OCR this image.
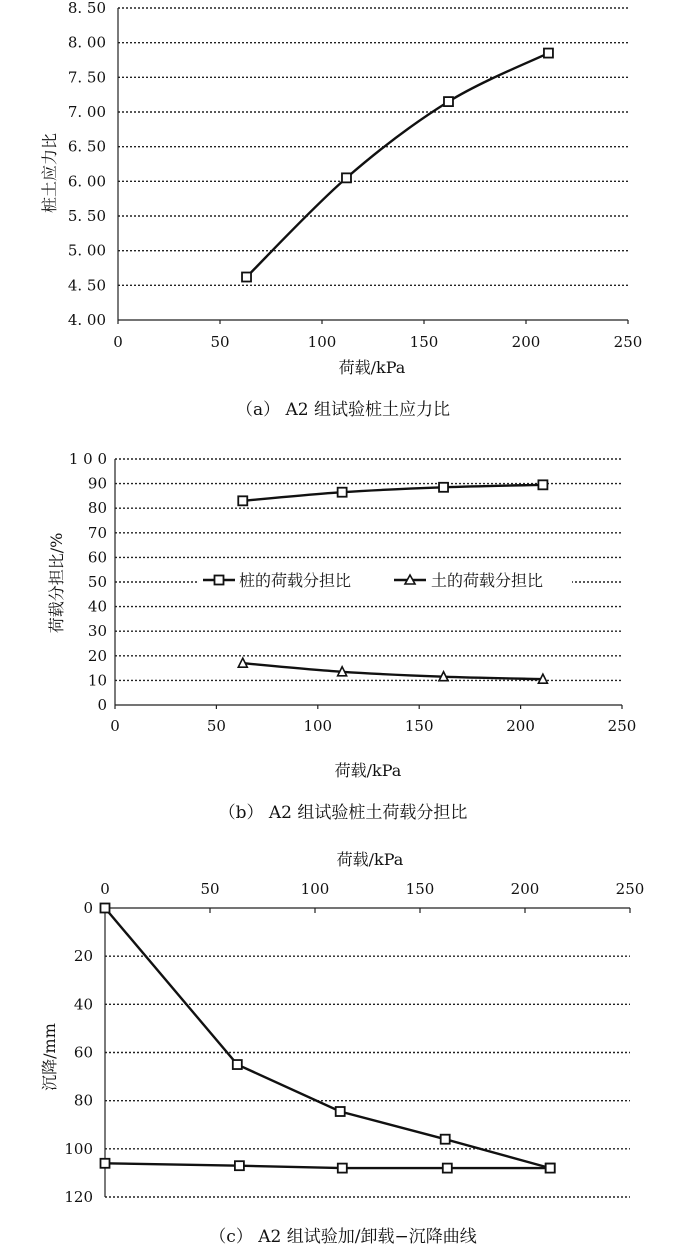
4. 00
4. 50
5. 00
5. 50
6. 00
6. 50
7. 00
7. 50
8. 00
8. 50
0	50	100	150	200	250
荷载/kPa
桩土应力比
（a） A2 组试验桩土应力比
0
10
20
30
40
50
60
70
80
90
1 0 0
0	50	100	150	200	250
桩的荷载分担比	土的荷载分担比
荷载/kPa
荷载分担比/%
（b） A2 组试验桩土荷载分担比
0
20
40
60
80
100
120
0	50	100	150	200	250
荷载/kPa
沉降/mm
（c） A2 组试验加/卸载−沉降曲线
